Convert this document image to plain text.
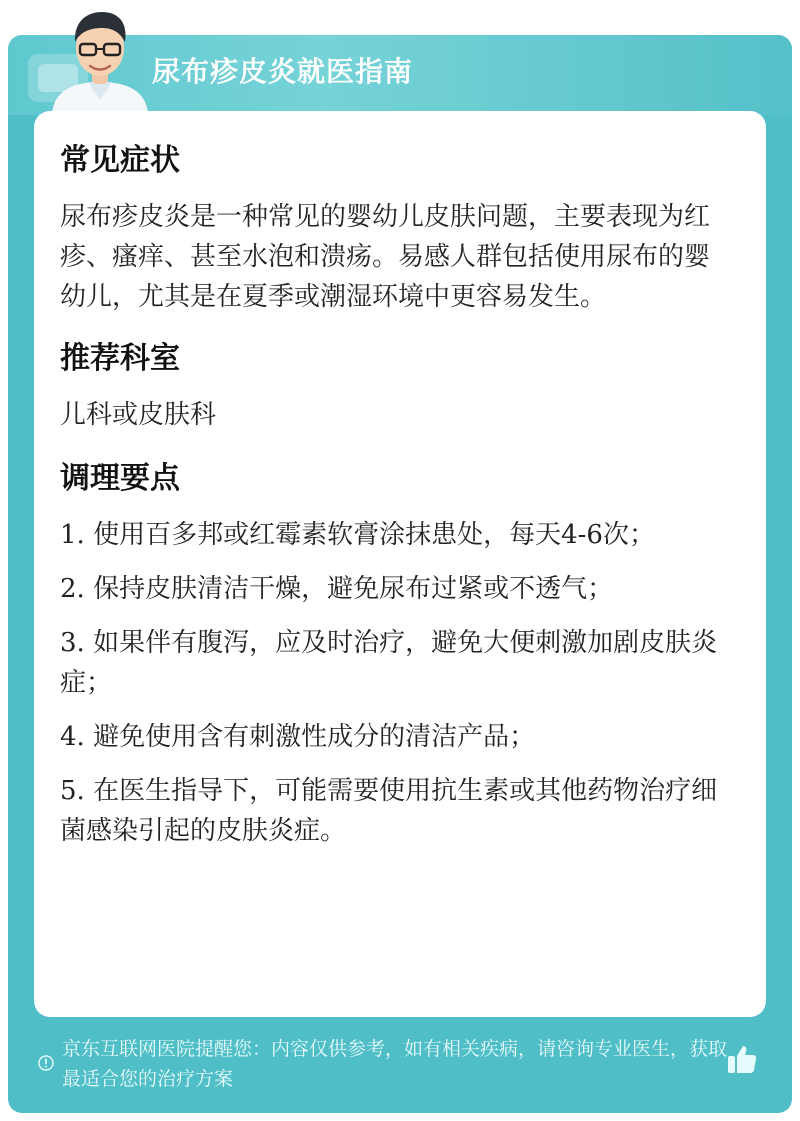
尿布疹皮炎就医指南
常见症状

尿布疹皮炎是一种常见的婴幼儿皮肤问题，主要表现为红疹、瘙痒、甚至水泡和溃疡。易感人群包括使用尿布的婴幼儿，尤其是在夏季或潮湿环境中更容易发生。

推荐科室

儿科或皮肤科

调理要点

1. 使用百多邦或红霉素软膏涂抹患处，每天4-6次；

2. 保持皮肤清洁干燥，避免尿布过紧或不透气；

3. 如果伴有腹泻，应及时治疗，避免大便刺激加剧皮肤炎症；

4. 避免使用含有刺激性成分的清洁产品；

5. 在医生指导下，可能需要使用抗生素或其他药物治疗细菌感染引起的皮肤炎症。

京东互联网医院提醒您：内容仅供参考，如有相关疾病，请咨询专业医生，获取最适合您的治疗方案
